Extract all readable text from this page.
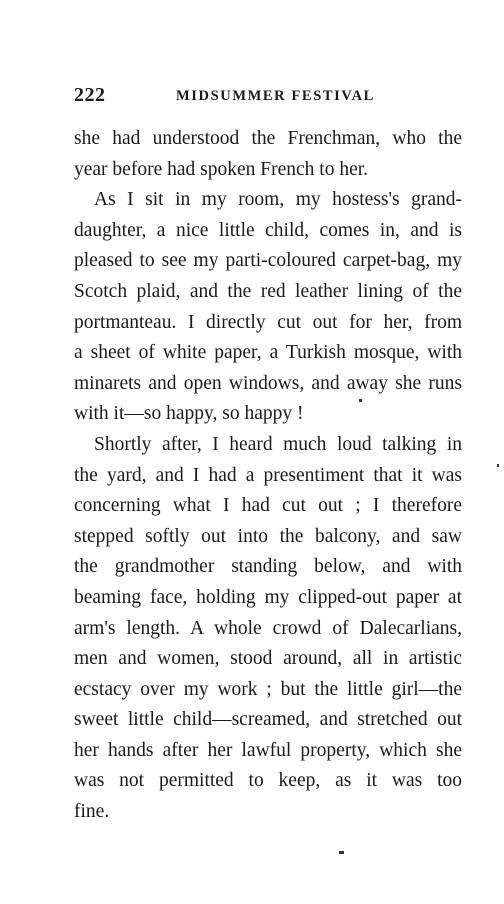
222	MIDSUMMER FESTIVAL
she had understood the Frenchman, who the
year before had spoken French to her.
As I sit in my room, my hostess's grand-
daughter, a nice little child, comes in, and is
pleased to see my parti-coloured carpet-bag, my
Scotch plaid, and the red leather lining of the
portmanteau. I directly cut out for her, from
a sheet of white paper, a Turkish mosque, with
minarets and open windows, and away she runs
with it—so happy, so happy !
Shortly after, I heard much loud talking in
the yard, and I had a presentiment that it was
concerning what I had cut out ; I therefore
stepped softly out into the balcony, and saw
the grandmother standing below, and with
beaming face, holding my clipped-out paper at
arm's length. A whole crowd of Dalecarlians,
men and women, stood around, all in artistic
ecstacy over my work ; but the little girl—the
sweet little child—screamed, and stretched out
her hands after her lawful property, which she
was not permitted to keep, as it was too
fine.
